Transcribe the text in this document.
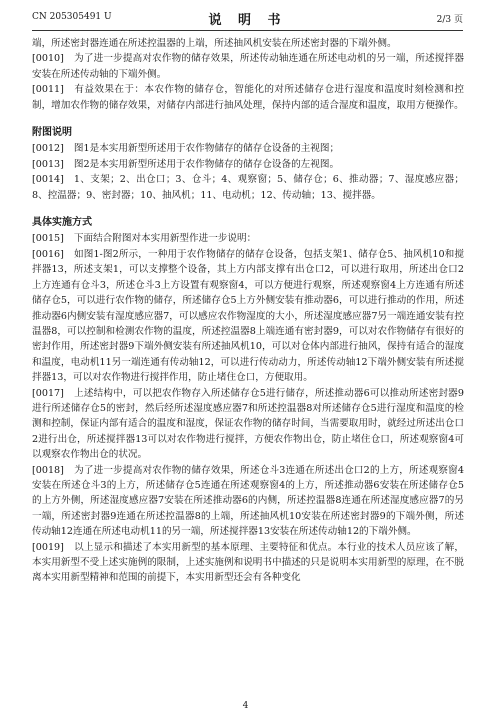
CN 205305491 U	说 明 书	2/3 页

端，所述密封器连通在所述控温器的上端，所述抽风机安装在所述密封器的下端外侧。

[0010] 为了进一步提高对农作物的储存效果，所述传动轴连通在所述电动机的另一端，所述搅拌器安装在所述传动轴的下端外侧。

[0011] 有益效果在于：本农作物的储存仓，智能化的对所述储存仓进行湿度和温度时刻检测和控制，增加农作物的储存效果，对储存内部进行抽风处理，保持内部的适合湿度和温度，取用方便操作。

附图说明

[0012] 图1是本实用新型所述用于农作物储存的储存仓设备的主视图；

[0013] 图2是本实用新型所述用于农作物储存的储存仓设备的左视图。

[0014] 1、支架；2、出仓口；3、仓斗；4、观察窗；5、储存仓；6、推动器；7、湿度感应器；8、控温器；9、密封器；10、抽风机；11、电动机；12、传动轴；13、搅拌器。

具体实施方式

[0015] 下面结合附图对本实用新型作进一步说明：

[0016] 如图1-图2所示，一种用于农作物储存的储存仓设备，包括支架1、储存仓5、抽风机10和搅拌器13，所述支架1，可以支撑整个设备，其上方内部支撑有出仓口2，可以进行取用，所述出仓口2上方连通有仓斗3，所述仓斗3上方设置有观察窗4，可以方便进行观察，所述观察窗4上方连通有所述储存仓5，可以进行农作物的储存，所述储存仓5上方外侧安装有推动器6，可以进行推动的作用，所述推动器6内侧安装有湿度感应器7，可以感应农作物湿度的大小，所述湿度感应器7另一端连通安装有控温器8，可以控制和检测农作物的温度，所述控温器8上端连通有密封器9，可以对农作物储存有很好的密封作用，所述密封器9下端外侧安装有所述抽风机10，可以对仓体内部进行抽风，保持有适合的湿度和温度，电动机11另一端连通有传动轴12，可以进行传动动力，所述传动轴12下端外侧安装有所述搅拌器13，可以对农作物进行搅拌作用，防止堵住仓口，方便取用。

[0017] 上述结构中，可以把农作物存入所述储存仓5进行储存，所述推动器6可以推动所述密封器9进行所述储存仓5的密封，然后经所述湿度感应器7和所述控温器8对所述储存仓5进行湿度和温度的检测和控制，保证内部有适合的温度和湿度，保证农作物的储存时间，当需要取用时，就经过所述出仓口2进行出仓，所述搅拌器13可以对农作物进行搅拌，方便农作物出仓，防止堵住仓口，所述观察窗4可以观察农作物出仓的状况。

[0018] 为了进一步提高对农作物的储存效果，所述仓斗3连通在所述出仓口2的上方，所述观察窗4安装在所述仓斗3的上方，所述储存仓5连通在所述观察窗4的上方，所述推动器6安装在所述储存仓5的上方外侧，所述湿度感应器7安装在所述推动器6的内侧，所述控温器8连通在所述湿度感应器7的另一端，所述密封器9连通在所述控温器8的上端，所述抽风机10安装在所述密封器9的下端外侧，所述传动轴12连通在所述电动机11的另一端，所述搅拌器13安装在所述传动轴12的下端外侧。

[0019] 以上显示和描述了本实用新型的基本原理、主要特征和优点。本行业的技术人员应该了解，本实用新型不受上述实施例的限制，上述实施例和说明书中描述的只是说明本实用新型的原理，在不脱离本实用新型精神和范围的前提下，本实用新型还会有各种变化

4
